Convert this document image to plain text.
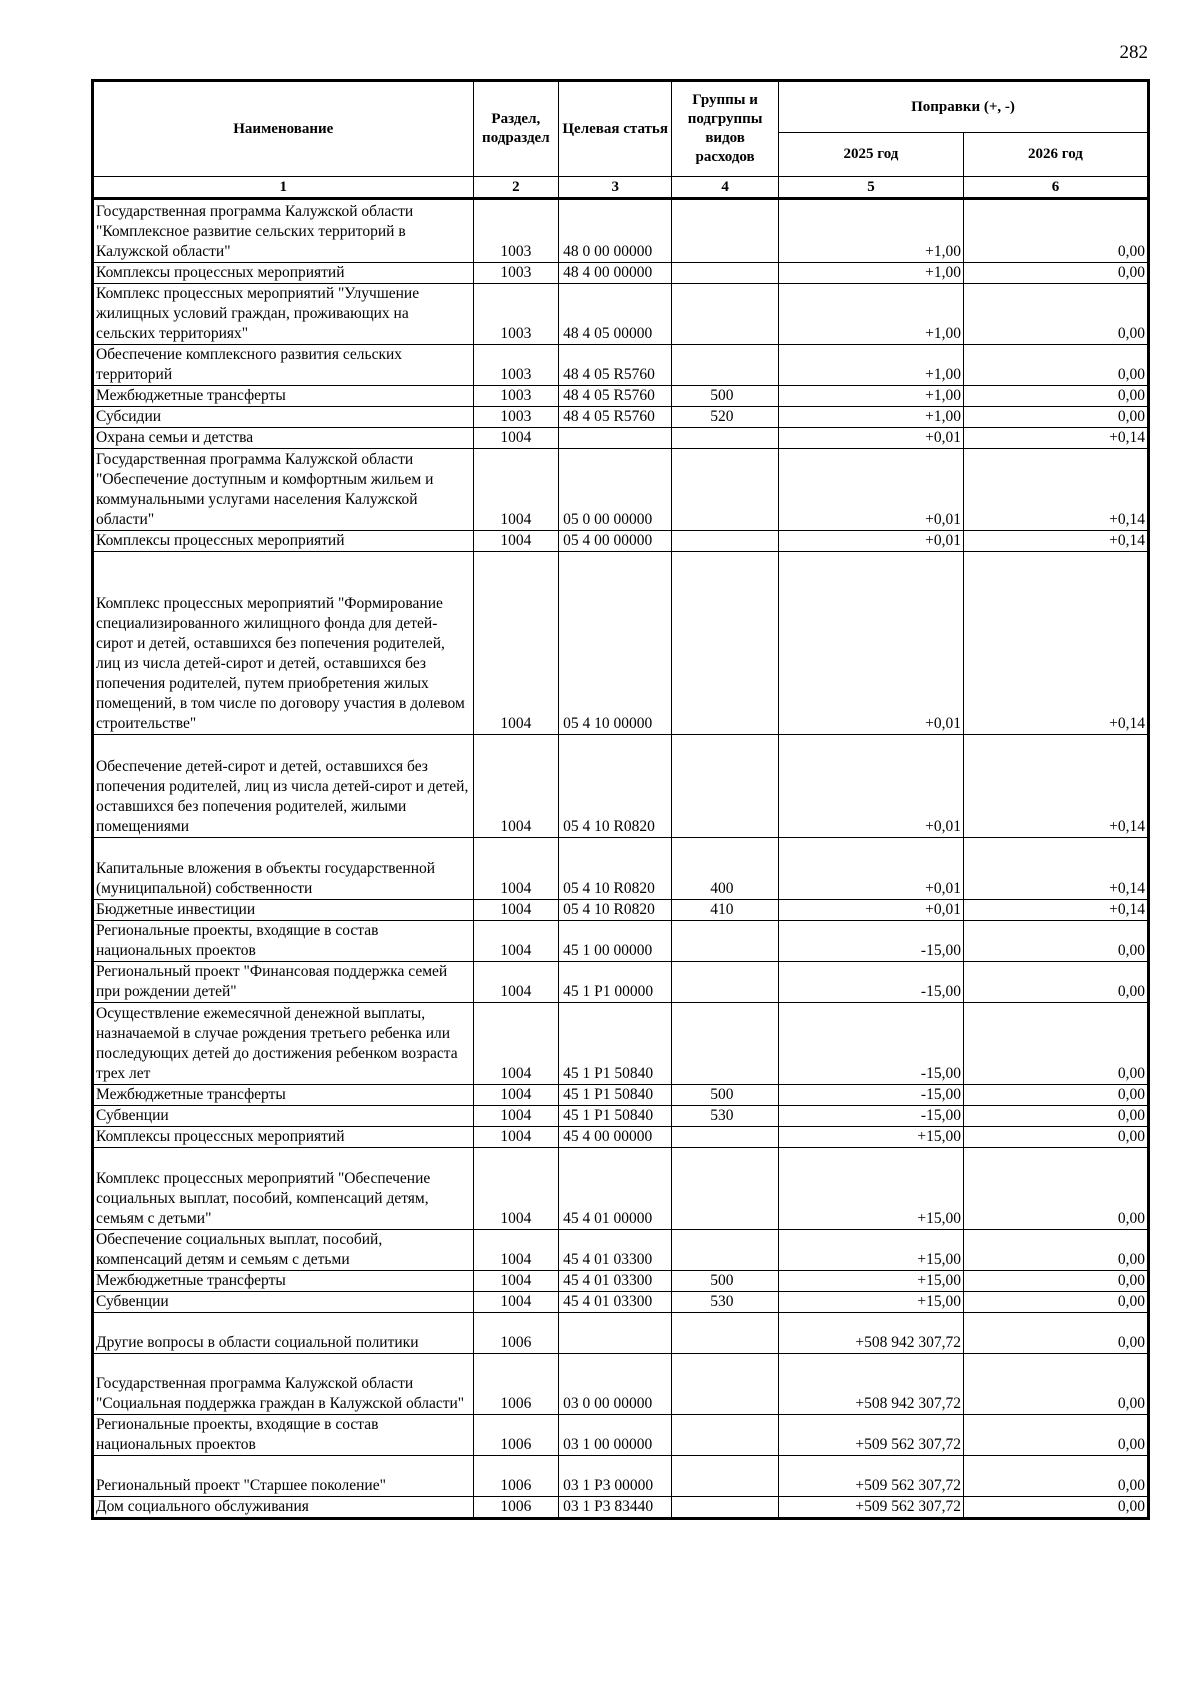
282
Наименование	Раздел, подраздел	Целевая статья	Группы и подгруппы видов расходов	Поправки (+, -)	
				2025 год	2026 год
1	2	3	4	5	6
Государственная программа Калужской области "Комплексное развитие сельских территорий в Калужской области"	1003	48 0 00 00000		+1,00	0,00
Комплексы процессных мероприятий	1003	48 4 00 00000		+1,00	0,00
Комплекс процессных мероприятий "Улучшение жилищных условий граждан, проживающих на сельских территориях"	1003	48 4 05 00000		+1,00	0,00
Обеспечение комплексного развития сельских территорий	1003	48 4 05 R5760		+1,00	0,00
Межбюджетные трансферты	1003	48 4 05 R5760	500	+1,00	0,00
Субсидии	1003	48 4 05 R5760	520	+1,00	0,00
Охрана семьи и детства	1004			+0,01	+0,14
Государственная программа Калужской области "Обеспечение доступным и комфортным жильем и коммунальными услугами населения Калужской области"	1004	05 0 00 00000		+0,01	+0,14
Комплексы процессных мероприятий	1004	05 4 00 00000		+0,01	+0,14
Комплекс процессных мероприятий "Формирование специализированного жилищного фонда для детей-сирот и детей, оставшихся без попечения родителей, лиц из числа детей-сирот и детей, оставшихся без попечения родителей, путем приобретения жилых помещений, в том числе по договору участия в долевом строительстве"	1004	05 4 10 00000		+0,01	+0,14
Обеспечение детей-сирот и детей, оставшихся без попечения родителей, лиц из числа детей-сирот и детей, оставшихся без попечения родителей, жилыми помещениями	1004	05 4 10 R0820		+0,01	+0,14
Капитальные вложения в объекты государственной (муниципальной) собственности	1004	05 4 10 R0820	400	+0,01	+0,14
Бюджетные инвестиции	1004	05 4 10 R0820	410	+0,01	+0,14
Региональные проекты, входящие в состав национальных проектов	1004	45 1 00 00000		-15,00	0,00
Региональный проект "Финансовая поддержка семей при рождении детей"	1004	45 1 P1 00000		-15,00	0,00
Осуществление ежемесячной денежной выплаты, назначаемой в случае рождения третьего ребенка или последующих детей до достижения ребенком возраста трех лет	1004	45 1 P1 50840		-15,00	0,00
Межбюджетные трансферты	1004	45 1 P1 50840	500	-15,00	0,00
Субвенции	1004	45 1 P1 50840	530	-15,00	0,00
Комплексы процессных мероприятий	1004	45 4 00 00000		+15,00	0,00
Комплекс процессных мероприятий "Обеспечение социальных выплат, пособий, компенсаций детям, семьям с детьми"	1004	45 4 01 00000		+15,00	0,00
Обеспечение социальных выплат, пособий, компенсаций детям и семьям с детьми	1004	45 4 01 03300		+15,00	0,00
Межбюджетные трансферты	1004	45 4 01 03300	500	+15,00	0,00
Субвенции	1004	45 4 01 03300	530	+15,00	0,00
Другие вопросы в области социальной политики	1006			+508 942 307,72	0,00
Государственная программа Калужской области "Социальная поддержка граждан в Калужской области"	1006	03 0 00 00000		+508 942 307,72	0,00
Региональные проекты, входящие в состав национальных проектов	1006	03 1 00 00000		+509 562 307,72	0,00
Региональный проект "Старшее поколение"	1006	03 1 P3 00000		+509 562 307,72	0,00
Дом социального обслуживания	1006	03 1 P3 83440		+509 562 307,72	0,00
